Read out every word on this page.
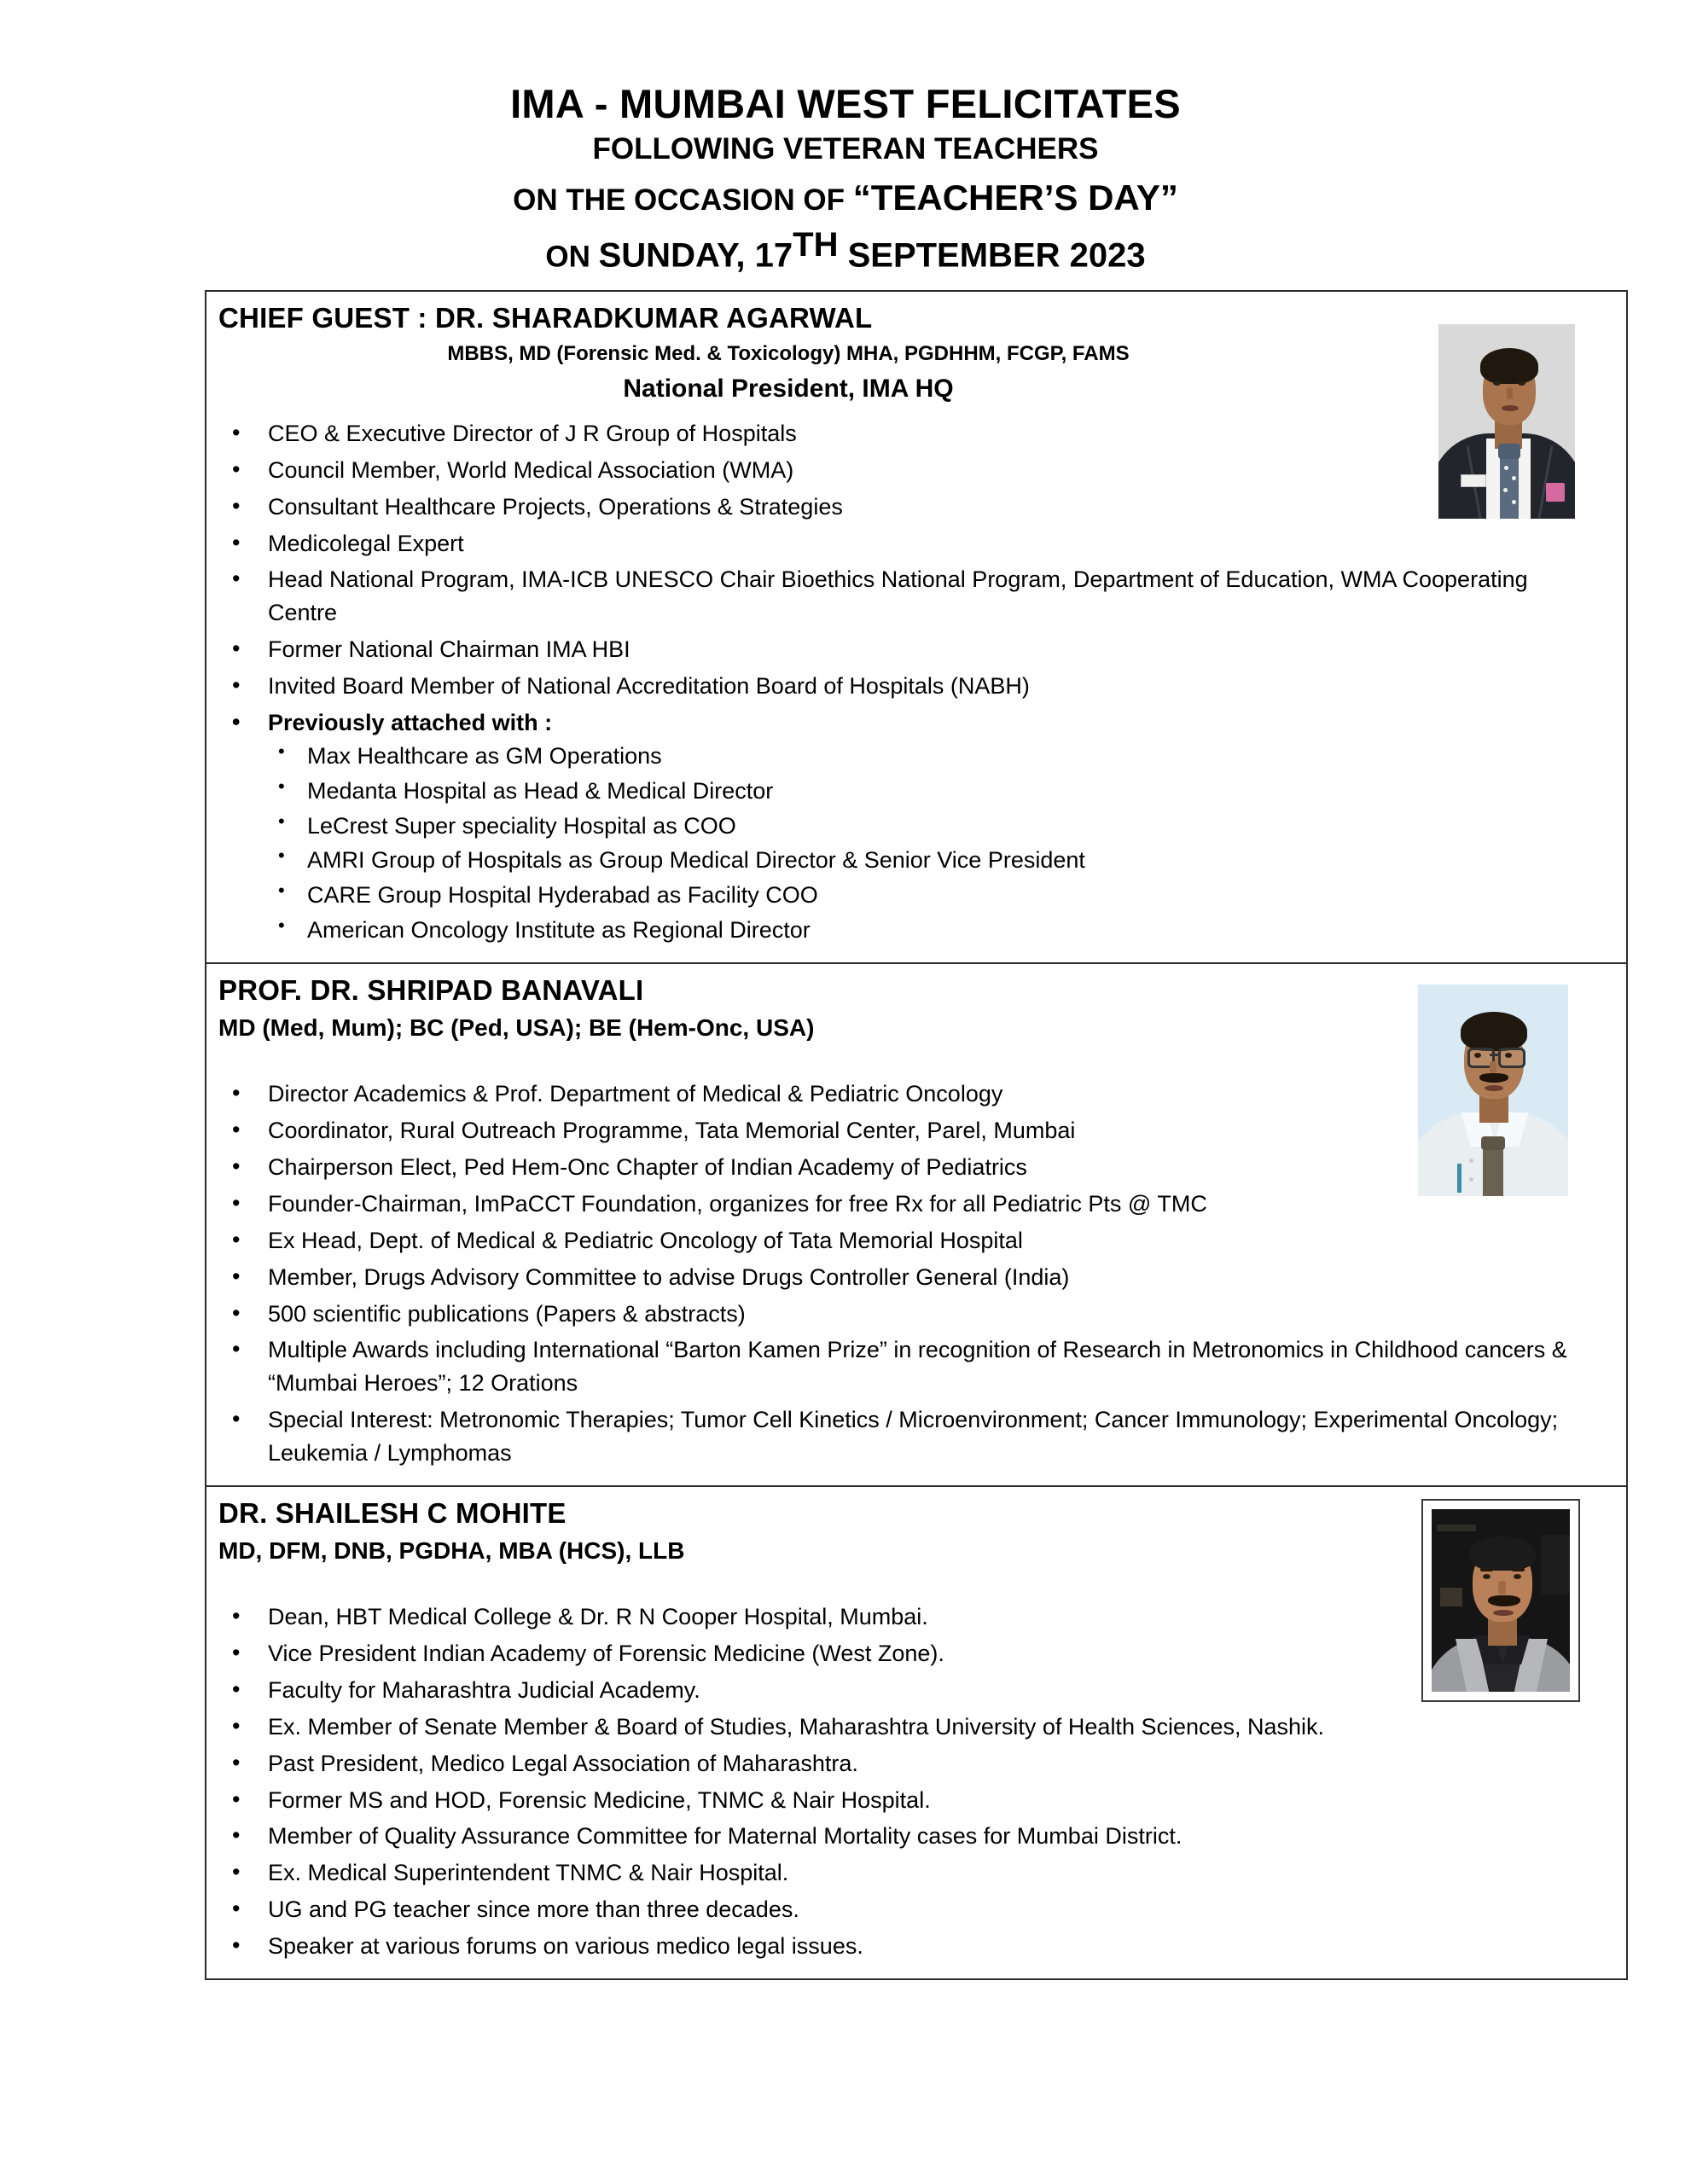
IMA - MUMBAI WEST FELICITATES
FOLLOWING VETERAN TEACHERS
ON THE OCCASION OF “TEACHER’S DAY”
ON SUNDAY, 17TH SEPTEMBER 2023
CHIEF GUEST : DR. SHARADKUMAR AGARWAL
MBBS, MD (Forensic Med. & Toxicology) MHA, PGDHHM, FCGP, FAMS
National President, IMA HQ
• CEO & Executive Director of J R Group of Hospitals
• Council Member, World Medical Association (WMA)
• Consultant Healthcare Projects, Operations & Strategies
• Medicolegal Expert
• Head National Program, IMA-ICB UNESCO Chair Bioethics National Program, Department of Education, WMA Cooperating Centre
• Former National Chairman IMA HBI
• Invited Board Member of National Accreditation Board of Hospitals (NABH)
• Previously attached with :
• Max Healthcare as GM Operations
• Medanta Hospital as Head & Medical Director
• LeCrest Super speciality Hospital as COO
• AMRI Group of Hospitals as Group Medical Director & Senior Vice President
• CARE Group Hospital Hyderabad as Facility COO
• American Oncology Institute as Regional Director
PROF. DR. SHRIPAD BANAVALI
MD (Med, Mum); BC (Ped, USA); BE (Hem-Onc, USA)
• Director Academics & Prof. Department of Medical & Pediatric Oncology
• Coordinator, Rural Outreach Programme, Tata Memorial Center, Parel, Mumbai
• Chairperson Elect, Ped Hem-Onc Chapter of Indian Academy of Pediatrics
• Founder-Chairman, ImPaCCT Foundation, organizes for free Rx for all Pediatric Pts @ TMC
• Ex Head, Dept. of Medical & Pediatric Oncology of Tata Memorial Hospital
• Member, Drugs Advisory Committee to advise Drugs Controller General (India)
• 500 scientific publications (Papers & abstracts)
• Multiple Awards including International “Barton Kamen Prize” in recognition of Research in Metronomics in Childhood cancers & “Mumbai Heroes”; 12 Orations
• Special Interest: Metronomic Therapies; Tumor Cell Kinetics / Microenvironment; Cancer Immunology; Experimental Oncology; Leukemia / Lymphomas
DR. SHAILESH C MOHITE
MD, DFM, DNB, PGDHA, MBA (HCS), LLB
• Dean, HBT Medical College & Dr. R N Cooper Hospital, Mumbai.
• Vice President Indian Academy of Forensic Medicine (West Zone).
• Faculty for Maharashtra Judicial Academy.
• Ex. Member of Senate Member & Board of Studies, Maharashtra University of Health Sciences, Nashik.
• Past President, Medico Legal Association of Maharashtra.
• Former MS and HOD, Forensic Medicine, TNMC & Nair Hospital.
• Member of Quality Assurance Committee for Maternal Mortality cases for Mumbai District.
• Ex. Medical Superintendent TNMC & Nair Hospital.
• UG and PG teacher since more than three decades.
• Speaker at various forums on various medico legal issues.
